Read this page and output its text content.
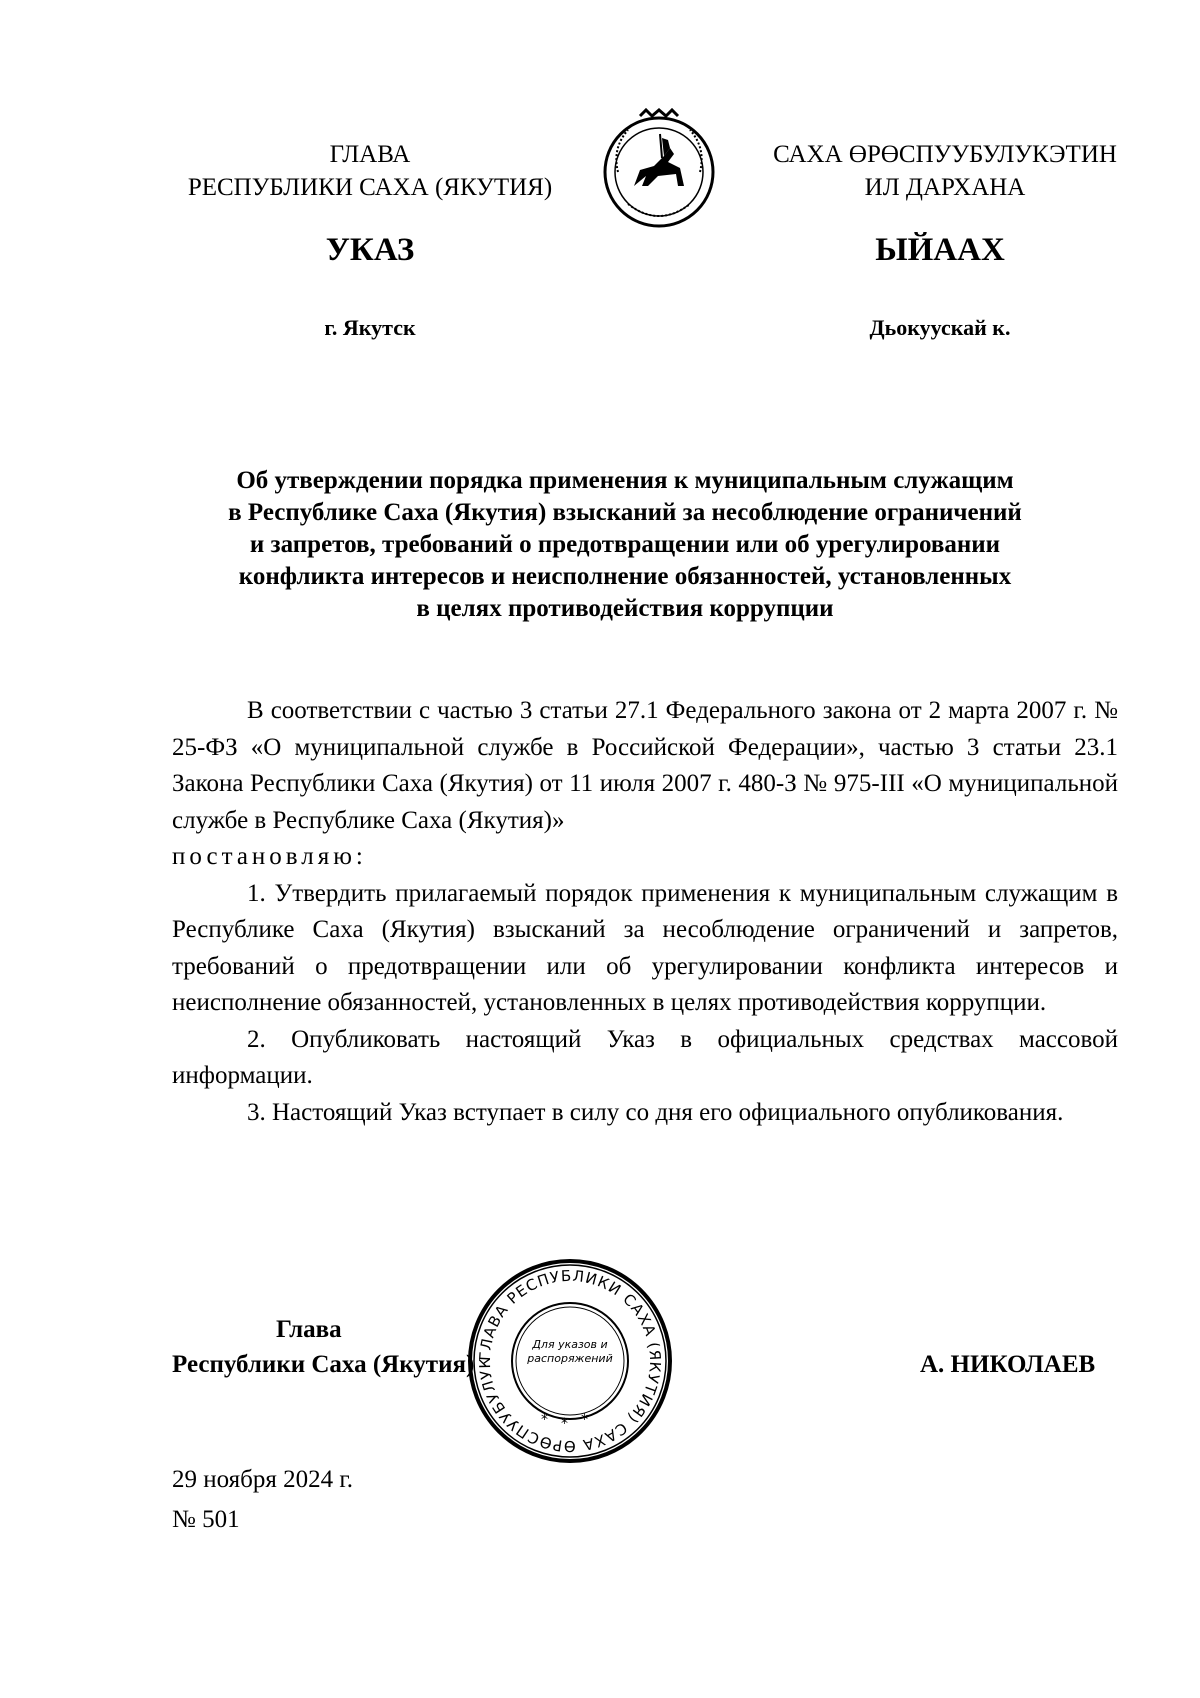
ГЛАВА
РЕСПУБЛИКИ САХА (ЯКУТИЯ)
САХА ӨРӨСПУУБУЛУКЭТИН
ИЛ ДАРХАНА
УКАЗ	ЫЙААХ
г. Якутск	Дьокуускай к.
Об утверждении порядка применения к муниципальным служащим
в Республике Саха (Якутия) взысканий за несоблюдение ограничений
и запретов, требований о предотвращении или об урегулировании
конфликта интересов и неисполнение обязанностей, установленных
в целях противодействия коррупции

В соответствии с частью 3 статьи 27.1 Федерального закона от 2 марта 2007 г. № 25-ФЗ «О муниципальной службе в Российской Федерации», частью 3 статьи 23.1 Закона Республики Саха (Якутия) от 11 июля 2007 г. 480-З № 975-III «О муниципальной службе в Республике Саха (Якутия)»

постановляю:

1. Утвердить прилагаемый порядок применения к муниципальным служащим в Республике Саха (Якутия) взысканий за несоблюдение ограничений и запретов, требований о предотвращении или об урегулировании конфликта интересов и неисполнение обязанностей, установленных в целях противодействия коррупции.

2. Опубликовать настоящий Указ в официальных средствах массовой информации.

3. Настоящий Указ вступает в силу со дня его официального опубликования.

Глава
Республики Саха (Якутия)	А. НИКОЛАЕВ
ГЛАВА РЕСПУБЛИКИ САХА (ЯКУТИЯ) САХА ӨРӨСПУУБУЛУК
Для указов и распоряжений
* * *
29 ноября 2024 г.
№ 501
